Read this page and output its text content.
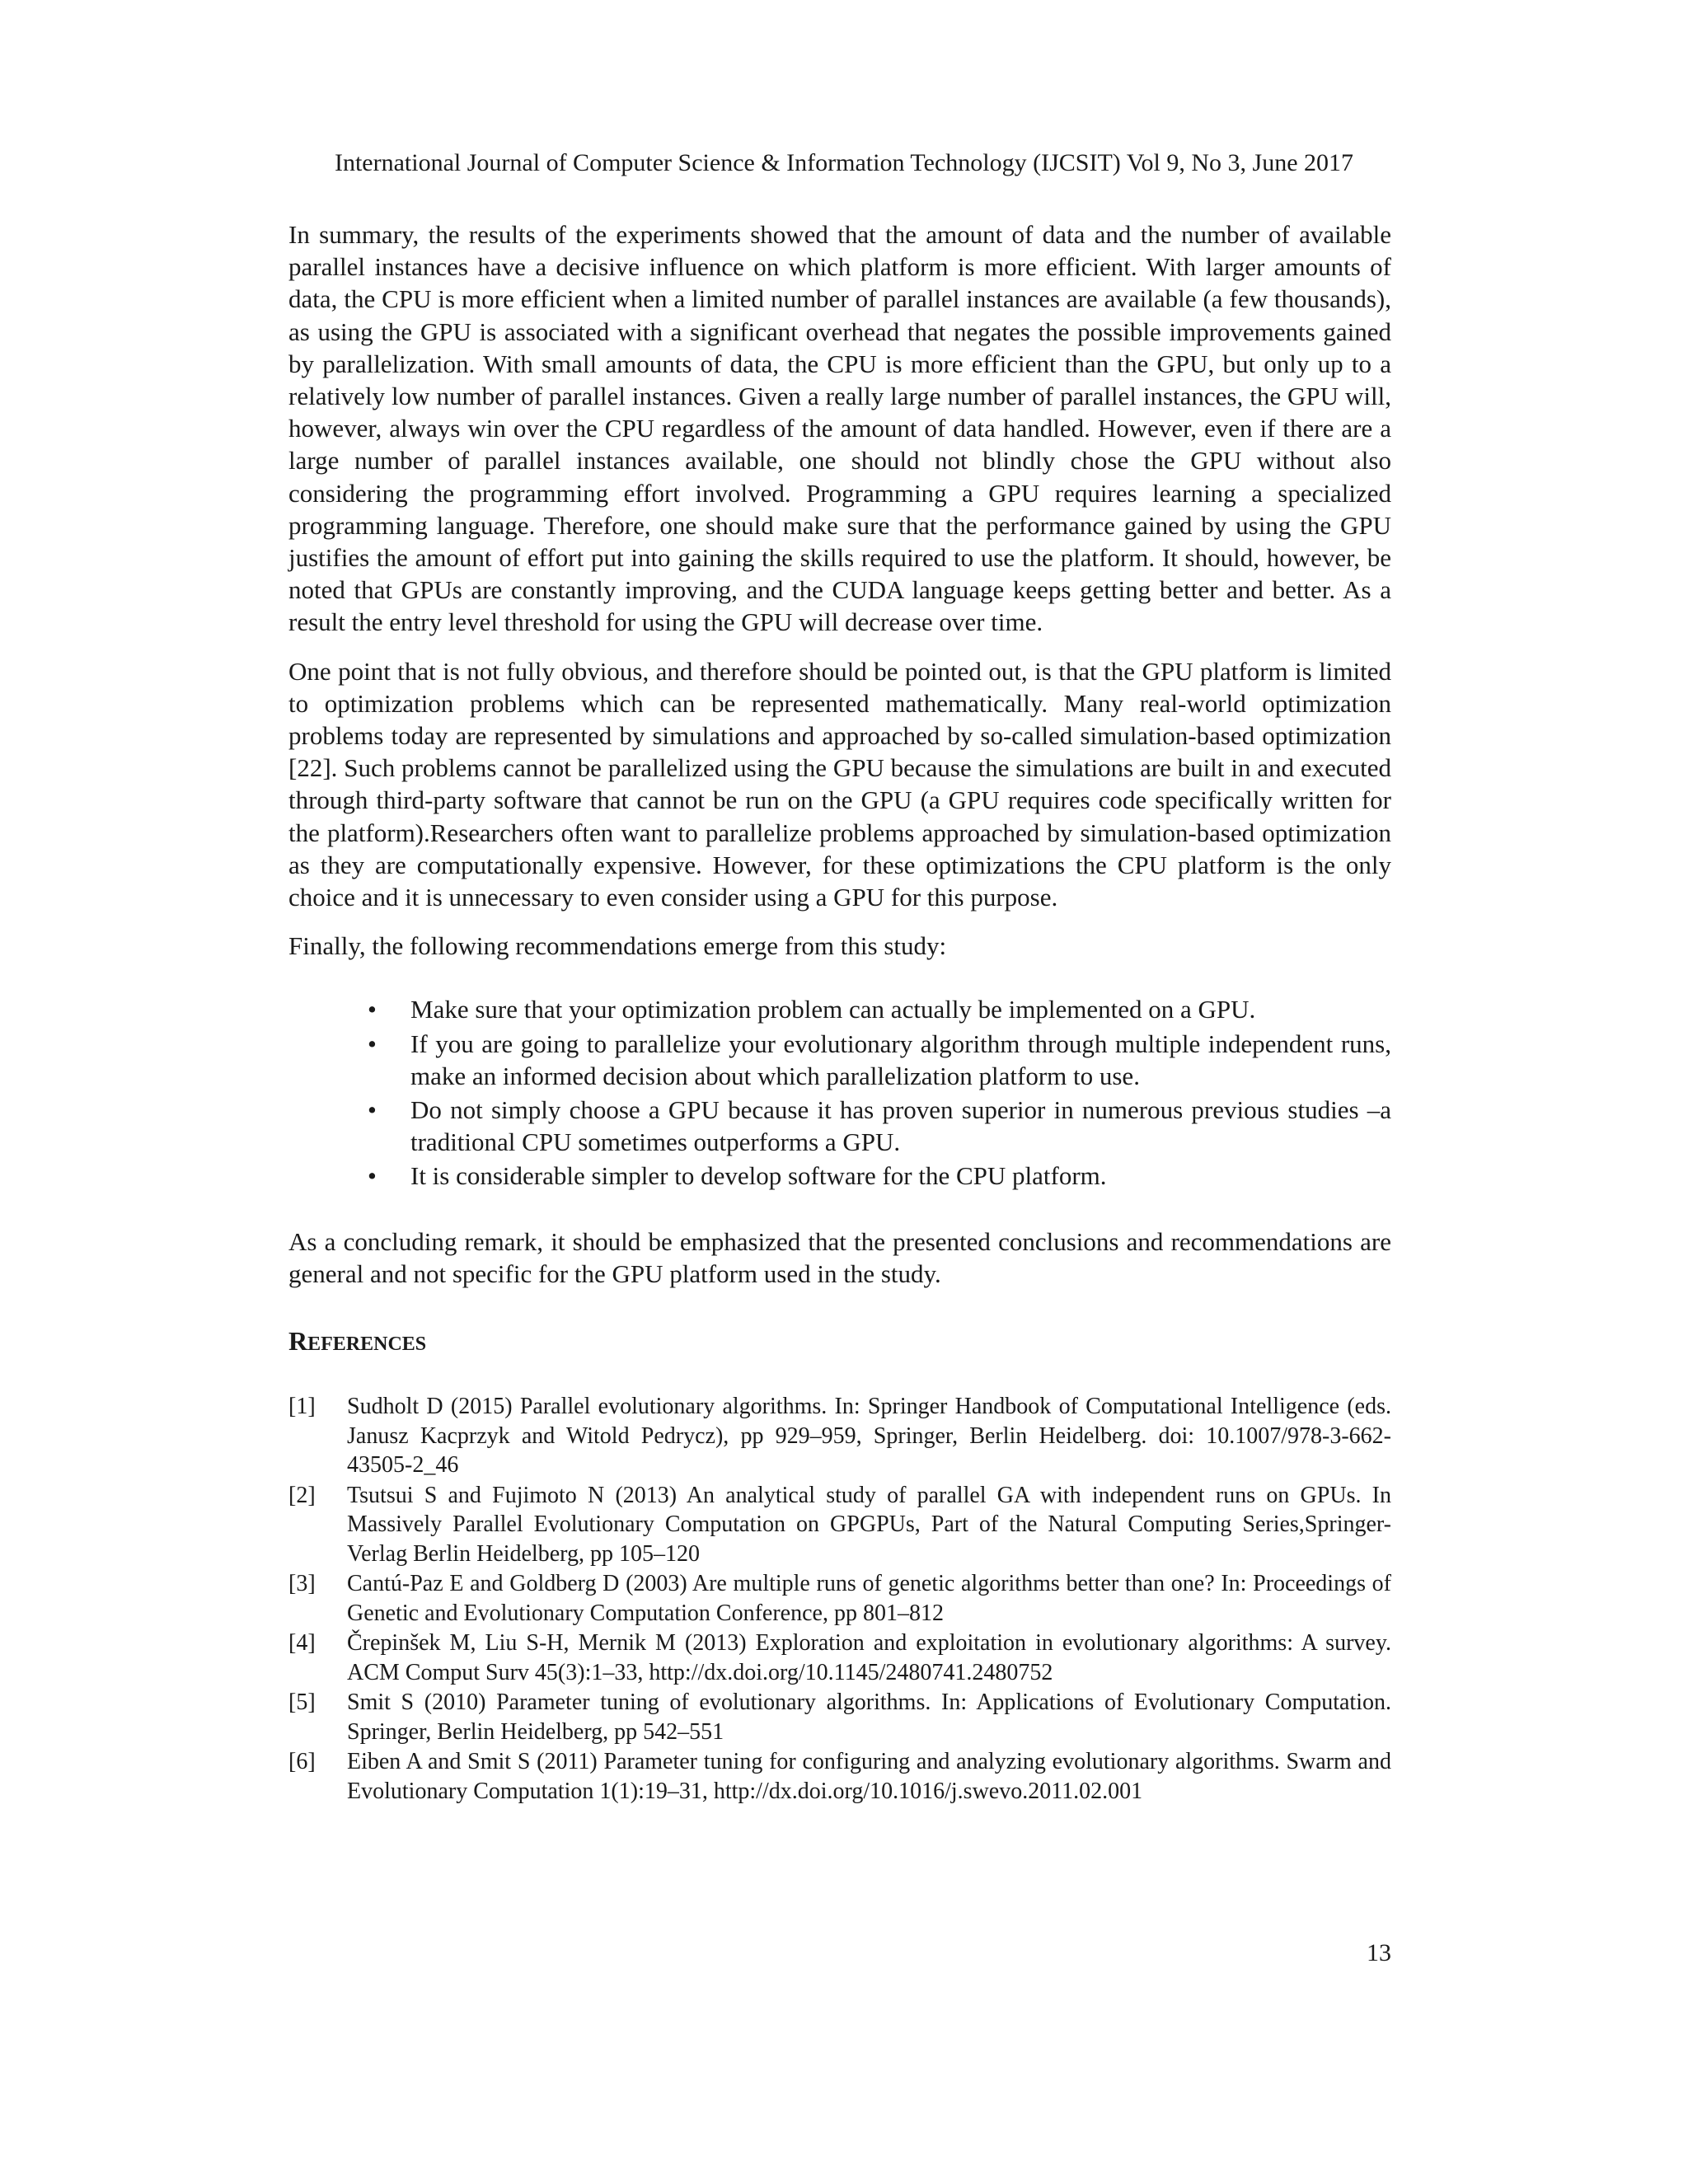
International Journal of Computer Science & Information Technology (IJCSIT) Vol 9, No 3, June 2017

In summary, the results of the experiments showed that the amount of data and the number of available parallel instances have a decisive influence on which platform is more efficient. With larger amounts of data, the CPU is more efficient when a limited number of parallel instances are available (a few thousands), as using the GPU is associated with a significant overhead that negates the possible improvements gained by parallelization. With small amounts of data, the CPU is more efficient than the GPU, but only up to a relatively low number of parallel instances. Given a really large number of parallel instances, the GPU will, however, always win over the CPU regardless of the amount of data handled. However, even if there are a large number of parallel instances available, one should not blindly chose the GPU without also considering the programming effort involved. Programming a GPU requires learning a specialized programming language. Therefore, one should make sure that the performance gained by using the GPU justifies the amount of effort put into gaining the skills required to use the platform. It should, however, be noted that GPUs are constantly improving, and the CUDA language keeps getting better and better. As a result the entry level threshold for using the GPU will decrease over time.

One point that is not fully obvious, and therefore should be pointed out, is that the GPU platform is limited to optimization problems which can be represented mathematically. Many real-world optimization problems today are represented by simulations and approached by so-called simulation-based optimization [22]. Such problems cannot be parallelized using the GPU because the simulations are built in and executed through third-party software that cannot be run on the GPU (a GPU requires code specifically written for the platform).Researchers often want to parallelize problems approached by simulation-based optimization as they are computationally expensive. However, for these optimizations the CPU platform is the only choice and it is unnecessary to even consider using a GPU for this purpose.

Finally, the following recommendations emerge from this study:

• Make sure that your optimization problem can actually be implemented on a GPU.
• If you are going to parallelize your evolutionary algorithm through multiple independent runs, make an informed decision about which parallelization platform to use.
• Do not simply choose a GPU because it has proven superior in numerous previous studies –a traditional CPU sometimes outperforms a GPU.
• It is considerable simpler to develop software for the CPU platform.

As a concluding remark, it should be emphasized that the presented conclusions and recommendations are general and not specific for the GPU platform used in the study.

REFERENCES
[1] Sudholt D (2015) Parallel evolutionary algorithms. In: Springer Handbook of Computational Intelligence (eds. Janusz Kacprzyk and Witold Pedrycz), pp 929–959, Springer, Berlin Heidelberg. doi: 10.1007/978-3-662-43505-2_46
[2] Tsutsui S and Fujimoto N (2013) An analytical study of parallel GA with independent runs on GPUs. In Massively Parallel Evolutionary Computation on GPGPUs, Part of the Natural Computing Series,Springer-Verlag Berlin Heidelberg, pp 105–120
[3] Cantú-Paz E and Goldberg D (2003) Are multiple runs of genetic algorithms better than one? In: Proceedings of Genetic and Evolutionary Computation Conference, pp 801–812
[4] Črepinšek M, Liu S-H, Mernik M (2013) Exploration and exploitation in evolutionary algorithms: A survey. ACM Comput Surv 45(3):1–33, http://dx.doi.org/10.1145/2480741.2480752
[5] Smit S (2010) Parameter tuning of evolutionary algorithms. In: Applications of Evolutionary Computation. Springer, Berlin Heidelberg, pp 542–551
[6] Eiben A and Smit S (2011) Parameter tuning for configuring and analyzing evolutionary algorithms. Swarm and Evolutionary Computation 1(1):19–31, http://dx.doi.org/10.1016/j.swevo.2011.02.001

13
